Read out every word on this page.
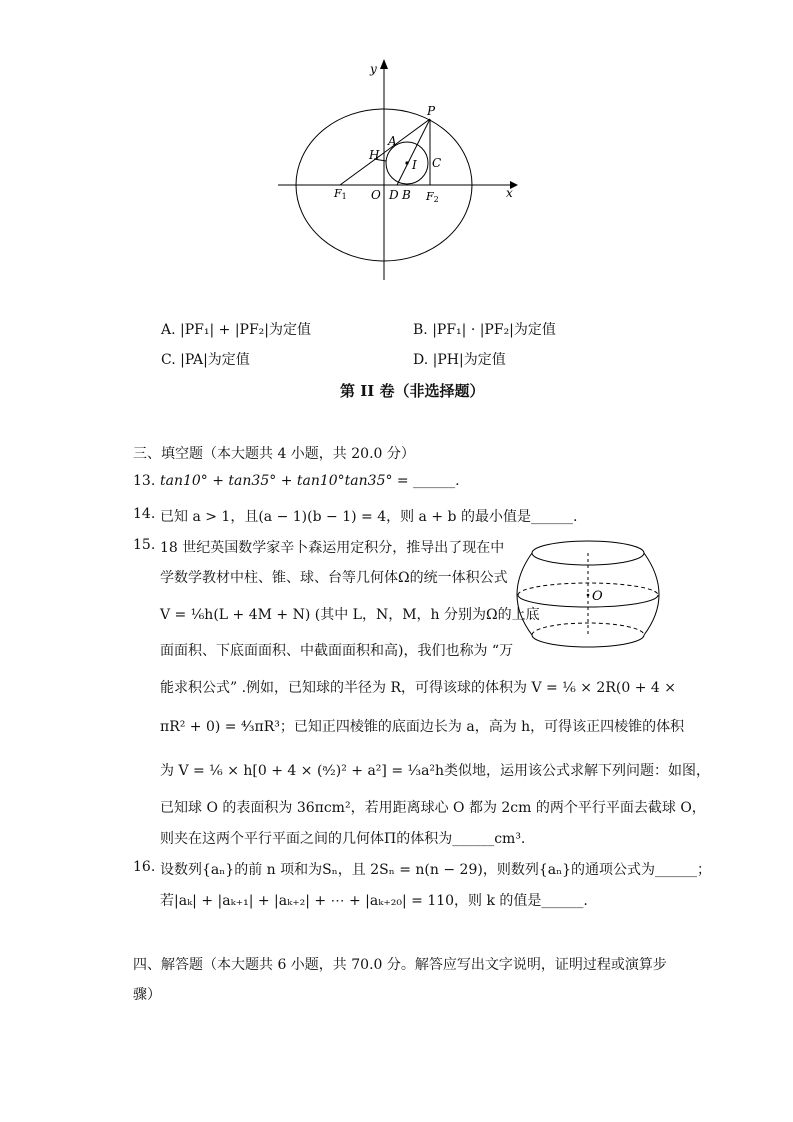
y
x
P
A
H
I C
F1 O D B F2
A. |PF₁| + |PF₂|为定值	B. |PF₁| · |PF₂|为定值
C. |PA|为定值	D. |PH|为定值
第 II 卷（非选择题）
三、填空题（本大题共 4 小题，共 20.0 分）
13. tan10° + tan35° + tan10°tan35° = ______.
14. 已知 a > 1，且(a − 1)(b − 1) = 4，则 a + b 的最小值是______.
15. 18 世纪英国数学家辛卜森运用定积分，推导出了现在中
学数学教材中柱、锥、球、台等几何体Ω的统一体积公式
V = ¹⁄₆h(L + 4M + N) (其中 L，N，M，h 分别为Ω的上底
面面积、下底面面积、中截面面积和高)，我们也称为 “万
能求积公式” .例如，已知球的半径为 R，可得该球的体积为 V = ¹⁄₆ × 2R(0 + 4 ×
πR² + 0) = ⁴⁄₃πR³；已知正四棱锥的底面边长为 a，高为 h，可得该正四棱锥的体积
为 V = ¹⁄₆ × h[0 + 4 × (ᵃ⁄₂)² + a²] = ¹⁄₃a²h类似地，运用该公式求解下列问题：如图，
已知球 O 的表面积为 36πcm²，若用距离球心 O 都为 2cm 的两个平行平面去截球 O，
则夹在这两个平行平面之间的几何体Π的体积为______cm³.
O
16. 设数列{aₙ}的前 n 项和为Sₙ，且 2Sₙ = n(n − 29)，则数列{aₙ}的通项公式为______；
若|aₖ| + |aₖ₊₁| + |aₖ₊₂| + ⋯ + |aₖ₊₂₀| = 110，则 k 的值是______.
四、解答题（本大题共 6 小题，共 70.0 分。解答应写出文字说明，证明过程或演算步
骤）
